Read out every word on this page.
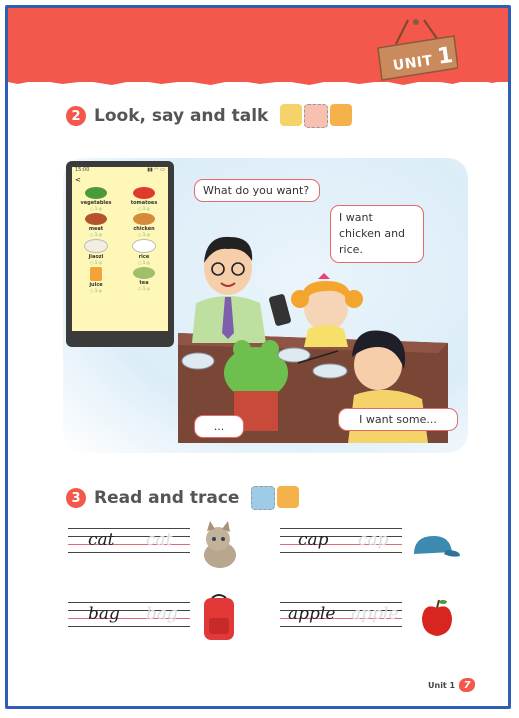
UNIT 1
2 Look, say and talk
15:00	▮▮ ◠ ▭
<
vegetables
○ 1 ◎
tomatoes
○ 1 ◎
meat
○ 1 ◎
chicken
○ 1 ◎
jiaozi
○ 1 ◎
rice
○ 1 ◎
juice
○ 1 ◎
tea
○ 1 ◎
What do you want?
I want chicken and rice.
...
I want some...
3 Read and trace
cat cat	cap cap
bag bag	apple apple
Unit 1 7
